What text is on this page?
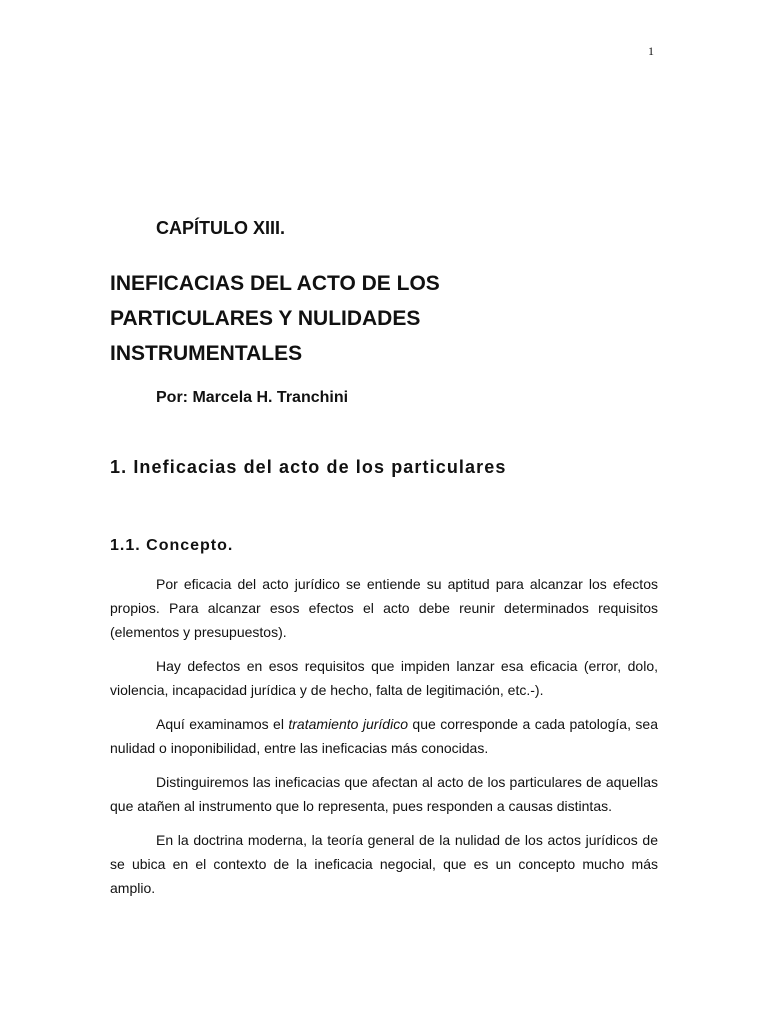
1
CAPÍTULO XIII.
INEFICACIAS DEL ACTO DE LOS
PARTICULARES Y NULIDADES
INSTRUMENTALES
Por: Marcela H. Tranchini
1. Ineficacias del acto de los particulares
1.1. Concepto.

Por eficacia del acto jurídico se entiende su aptitud para alcanzar los efectos propios. Para alcanzar esos efectos el acto debe reunir determinados requisitos (elementos y presupuestos).

Hay defectos en esos requisitos que impiden lanzar esa eficacia (error, dolo, violencia, incapacidad jurídica y de hecho, falta de legitimación, etc.-).

Aquí examinamos el tratamiento jurídico que corresponde a cada patología, sea nulidad o inoponibilidad, entre las ineficacias más conocidas.

Distinguiremos las ineficacias que afectan al acto de los particulares de aquellas que atañen al instrumento que lo representa, pues responden a causas distintas.

En la doctrina moderna, la teoría general de la nulidad de los actos jurídicos de se ubica en el contexto de la ineficacia negocial, que es un concepto mucho más amplio.
